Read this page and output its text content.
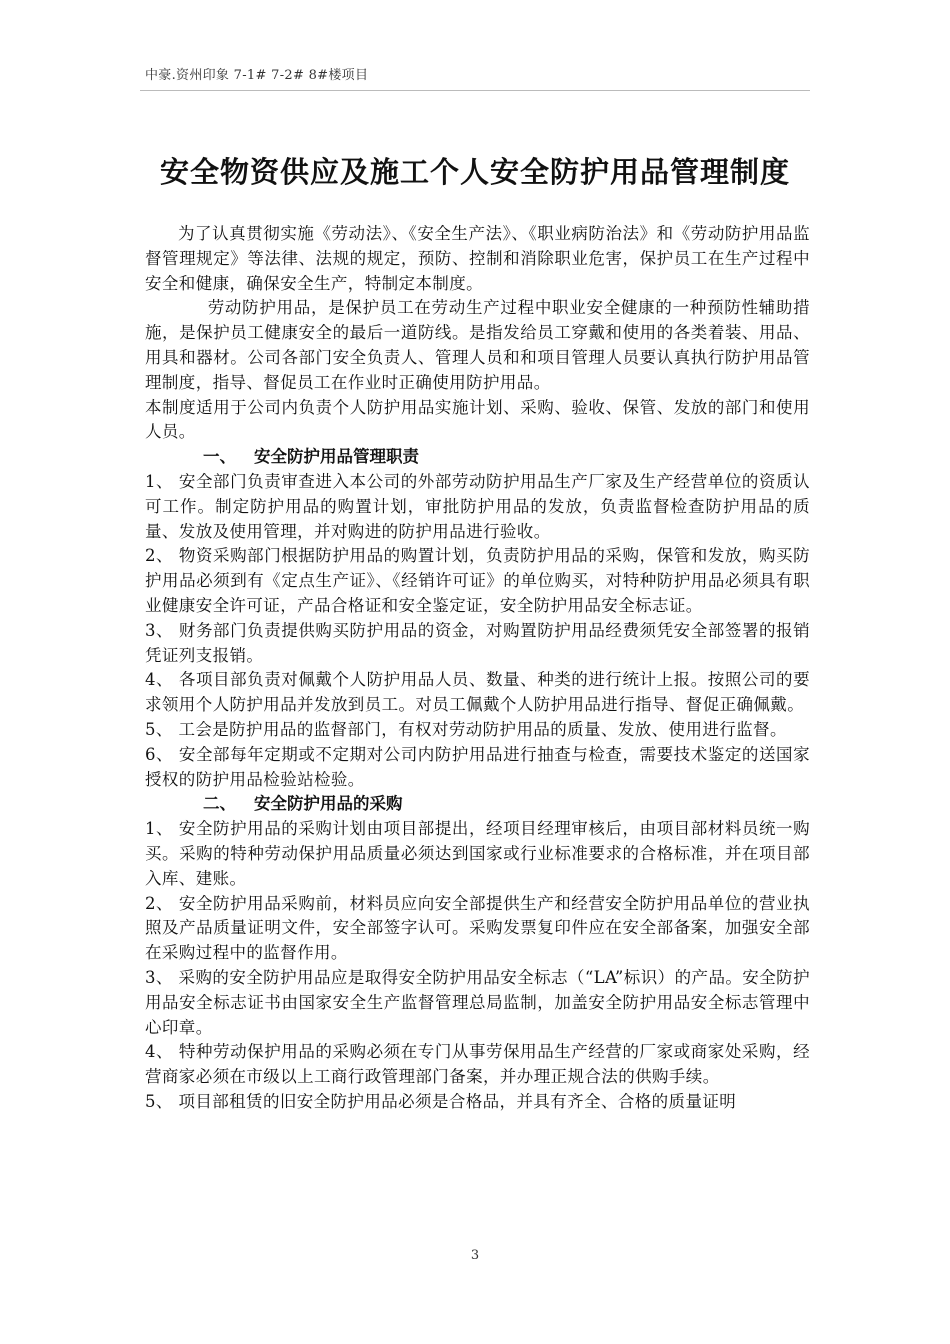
中豪.资州印象 7-1# 7-2# 8#楼项目
安全物资供应及施工个人安全防护用品管理制度

为了认真贯彻实施《劳动法》、《安全生产法》、《职业病防治法》和《劳动防护用品监督管理规定》等法律、法规的规定，预防、控制和消除职业危害，保护员工在生产过程中安全和健康，确保安全生产，特制定本制度。

劳动防护用品，是保护员工在劳动生产过程中职业安全健康的一种预防性辅助措施，是保护员工健康安全的最后一道防线。是指发给员工穿戴和使用的各类着装、用品、用具和器材。公司各部门安全负责人、管理人员和和项目管理人员要认真执行防护用品管理制度，指导、督促员工在作业时正确使用防护用品。

本制度适用于公司内负责个人防护用品实施计划、采购、验收、保管、发放的部门和使用人员。

一、 安全防护用品管理职责

1、 安全部门负责审查进入本公司的外部劳动防护用品生产厂家及生产经营单位的资质认可工作。制定防护用品的购置计划，审批防护用品的发放，负责监督检查防护用品的质量、发放及使用管理，并对购进的防护用品进行验收。

2、 物资采购部门根据防护用品的购置计划，负责防护用品的采购，保管和发放，购买防护用品必须到有《定点生产证》、《经销许可证》的单位购买，对特种防护用品必须具有职业健康安全许可证，产品合格证和安全鉴定证，安全防护用品安全标志证。

3、 财务部门负责提供购买防护用品的资金，对购置防护用品经费须凭安全部签署的报销凭证列支报销。

4、 各项目部负责对佩戴个人防护用品人员、数量、种类的进行统计上报。按照公司的要求领用个人防护用品并发放到员工。对员工佩戴个人防护用品进行指导、督促正确佩戴。

5、 工会是防护用品的监督部门，有权对劳动防护用品的质量、发放、使用进行监督。

6、 安全部每年定期或不定期对公司内防护用品进行抽查与检查，需要技术鉴定的送国家授权的防护用品检验站检验。

二、 安全防护用品的采购

1、 安全防护用品的采购计划由项目部提出，经项目经理审核后，由项目部材料员统一购买。采购的特种劳动保护用品质量必须达到国家或行业标准要求的合格标准，并在项目部入库、建账。

2、 安全防护用品采购前，材料员应向安全部提供生产和经营安全防护用品单位的营业执照及产品质量证明文件，安全部签字认可。采购发票复印件应在安全部备案，加强安全部在采购过程中的监督作用。

3、 采购的安全防护用品应是取得安全防护用品安全标志（“LA”标识）的产品。安全防护用品安全标志证书由国家安全生产监督管理总局监制，加盖安全防护用品安全标志管理中心印章。

4、 特种劳动保护用品的采购必须在专门从事劳保用品生产经营的厂家或商家处采购，经营商家必须在市级以上工商行政管理部门备案，并办理正规合法的供购手续。

5、 项目部租赁的旧安全防护用品必须是合格品，并具有齐全、合格的质量证明

3
